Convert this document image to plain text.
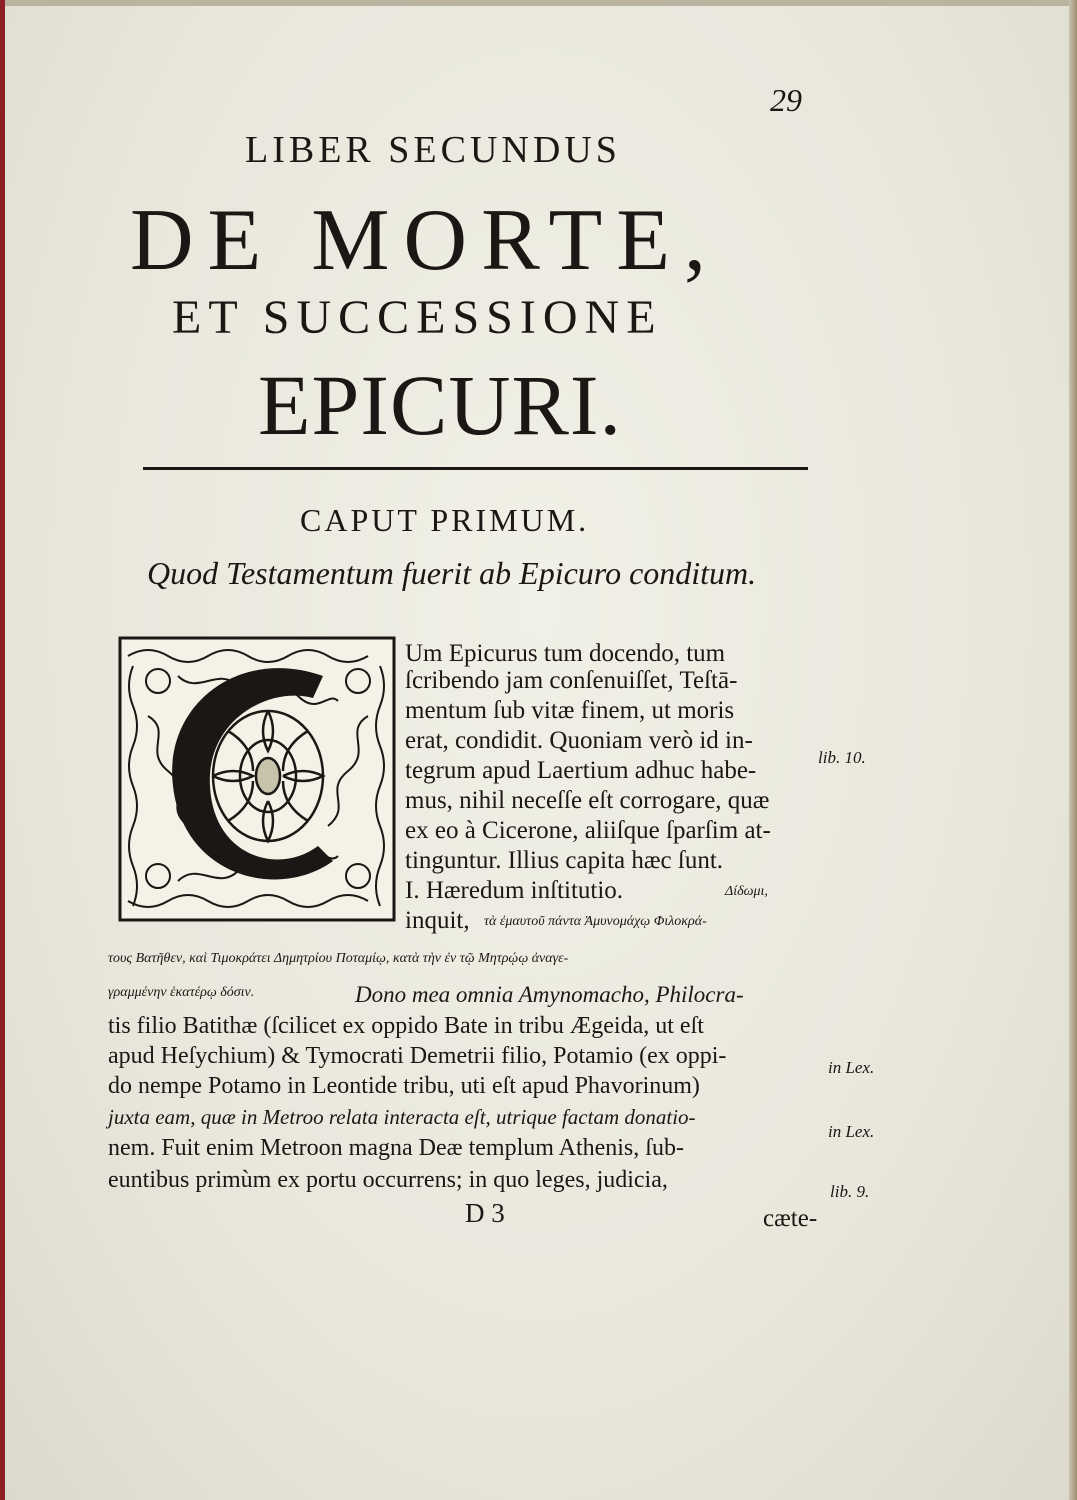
29
LIBER SECUNDUS
DE MORTE,
ET SUCCESSIONE
EPICURI.
CAPUT PRIMUM.
Quod Testamentum fuerit ab Epicuro conditum.
Um Epicurus tum docendo, tum
ſcribendo jam conſenuiſſet, Teſtā-
mentum ſub vitæ finem, ut moris
erat, condidit. Quoniam verò id in-
tegrum apud Laertium adhuc habe-
mus, nihil neceſſe eſt corrogare, quæ
ex eo à Cicerone, aliiſque ſparſim at-
tinguntur. Illius capita hæc ſunt.
I. Hæredum inſtitutio.	Δίδωμι,
inquit, τὰ ἐμαυτοῦ πάντα Ἀμυνομάχῳ Φιλοκρά-
τους Βατῆθεν, καὶ Τιμοκράτει Δημητρίου Ποταμίῳ, κατὰ τὴν ἐν τῷ Μητρῴῳ ἀναγε-
γραμμένην ἑκατέρῳ δόσιν.	Dono mea omnia Amynomacho, Philocra-
tis filio Batithæ (ſcilicet ex oppido Bate in tribu Ægeida, ut eſt
apud Heſychium) & Tymocrati Demetrii filio, Potamio (ex oppi-
do nempe Potamo in Leontide tribu, uti eſt apud Phavorinum)
juxta eam, quæ in Metroo relata interacta eſt, utrique factam donatio-
nem. Fuit enim Metroon magna Deæ templum Athenis, ſub-
euntibus primùm ex portu occurrens; in quo leges, judicia,
lib. 10.
in Lex.
in Lex.
lib. 9.
D 3	cæte-
